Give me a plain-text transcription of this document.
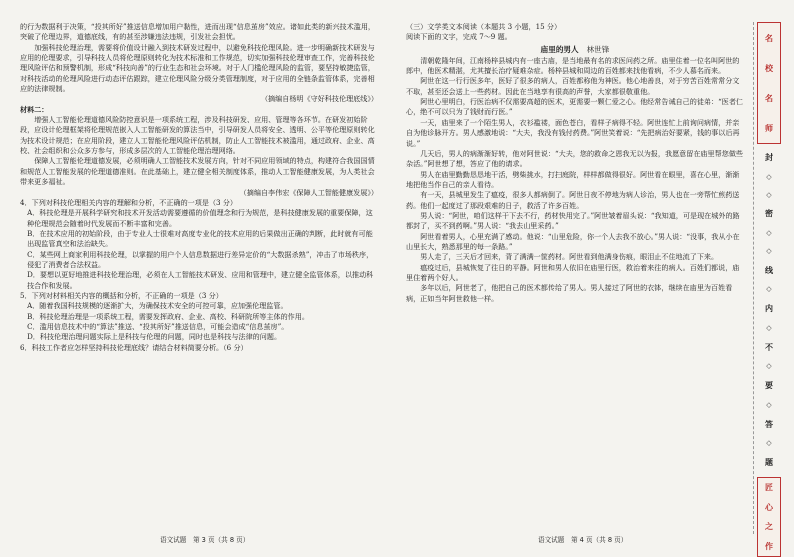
的行为数据利于决策，“投其所好”推送信息增加用户黏性，进而出现“信息茧房”效应。诸如此类的新兴技术滥用，突破了伦理边界，道德底线，有的甚至涉嫌违法违规，引发社会担忧。

加强科技伦理治理，需要将价值设计融入到技术研发过程中，以避免科技伦理风险。进一步明确新技术研发与应用的伦理要求，引导科技人员将伦理原则转化为技术标准和工作规范，切实加强科技伦理审查工作，完善科技伦理风险评估和预警机制，形成“科技向善”的行业生态和社会环境。对于人门槛伦理风险的监管，要坚持敏捷监管，对科技活动的伦理风险进行动态评估跟踪，建立伦理风险分级分类管理制度，对于应用的全链条监管体系，完善相应的法律规制。

（摘编自杨明《守好科技伦理底线》）

材料二：

增强人工智能伦理道德风险防控意识是一项系统工程，涉及科技研发、应用、管理等各环节。在研发初始阶段，应设计伦理框架将伦理规范嵌入人工智能研发的算法当中，引导研发人员将安全、透明、公平等伦理原则转化为技术设计规范；在应用阶段，建立人工智能伦理风险评估机制，防止人工智能技术被滥用，通过政府、企业、高校、社会组织和公众多方参与，形成多层次的人工智能伦理治理网络。

保障人工智能伦理道德发展，必须明确人工智能技术发展方向，针对不同应用领域的特点，构建符合我国国情和规范人工智能发展的伦理道德准则。在此基础上，建立健全相关制度体系，推动人工智能健康发展，为人类社会带来更多福祉。

（摘编自李伟宏《保障人工智能健康发展》）

4．下列对科技伦理相关内容的理解和分析，不正确的一项是（3 分）

A．科技伦理是开展科学研究和技术开发活动需要遵循的价值理念和行为规范，是科技健康发展的重要保障，这种伦理规范会随着时代发展而不断丰富和完善。

B．在技术应用的初始阶段，由于专业人士很难对高度专业化的技术应用的后果做出正确的判断，此时就有可能出现监管真空和法治缺失。

C．某些网上商家利用科技伦理，以掌握的用户个人信息数据进行差异定价的“大数据杀熟”，冲击了市场秩序，侵犯了消费者合法权益。

D．要想以更好地推进科技伦理治理，必须在人工智能技术研发、应用和管理中，建立健全监管体系，以推动科技合作和发展。

5．下列对材料相关内容的概括和分析，不正确的一项是（3 分）

A．随着我国科技规模的逐渐扩大，为确保技术安全的可控可靠，应加强伦理监管。

B．科技伦理治理是一项系统工程，需要发挥政府、企业、高校、科研院所等主体的作用。

C．滥用信息技术中的“算法”推送、“投其所好”推送信息，可能会造成“信息茧房”。

D．科技伦理治理问题实际上是科技与伦理的问题，同时也是科技与法律的问题。

6．科技工作者应怎样坚持科技伦理底线？请结合材料简要分析。（6 分）

（三）文学类文本阅读（本题共 3 小题，15 分）

阅读下面的文字，完成 7～9 题。

庙里的男人 林世锋

清朝乾隆年间，江南杨梓县城内有一座古庙，是当地最有名的求医问药之所。庙里住着一位名叫阿世的郎中，他医术精湛，尤其擅长治疗疑难杂症。杨梓县城和周边的百姓都来找他看病，不少人慕名而来。

阿世在这一行行医多年，医好了很多的病人，百姓都称他为神医。他心地善良，对于穷苦百姓常常分文不取，甚至还会送上一些药材。因此在当地享有很高的声誉，大家都很敬重他。

阿世心里明白，行医治病不仅需要高超的医术，更需要一颗仁爱之心。他经常告诫自己的徒弟：“医者仁心，绝不可以只为了钱财而行医。”

一天，庙里来了一个陌生男人，衣衫褴褛，面色苍白，看样子病得不轻。阿世连忙上前询问病情，并亲自为他诊脉开方。男人感激地说：“大夫，我没有钱付药费。”阿世笑着说：“先把病治好要紧，钱的事以后再说。”

几天后，男人的病渐渐好转，他对阿世说：“大夫，您的救命之恩我无以为报，我愿意留在庙里帮您做些杂活。”阿世想了想，答应了他的请求。

男人在庙里勤勤恳恳地干活，劈柴挑水，打扫庭院，样样都做得很好。阿世看在眼里，喜在心里，渐渐地把他当作自己的亲人看待。

有一天，县城里发生了瘟疫，很多人都病倒了。阿世日夜不停地为病人诊治，男人也在一旁帮忙煎药送药。他们一起度过了那段艰难的日子，救活了许多百姓。

男人说：“阿世，咱们这样干下去不行，药材快用完了。”阿世皱着眉头说：“我知道，可是现在城外的路都封了，买不到药啊。”男人说：“我去山里采药。”

阿世看着男人，心里充满了感动。他说：“山里危险，你一个人去我不放心。”男人说：“没事，我从小在山里长大，熟悉那里的每一条路。”

男人走了，三天后才回来，背了满满一筐药材。阿世看到他满身伤痕，眼泪止不住地流了下来。

瘟疫过后，县城恢复了往日的平静。阿世和男人依旧在庙里行医，救治着来往的病人。百姓们都说，庙里住着两个好人。

多年以后，阿世老了，他把自己的医术都传给了男人。男人接过了阿世的衣钵，继续在庙里为百姓看病，正如当年阿世救他一样。

语文试题　第 3 页（共 8 页）	语文试题　第 4 页（共 8 页）
名
校
名
师
封
◇
◇
密
◇
◇
线
◇
内
◇
不
◇
要
◇
答
◇
题
匠
心
之
作
